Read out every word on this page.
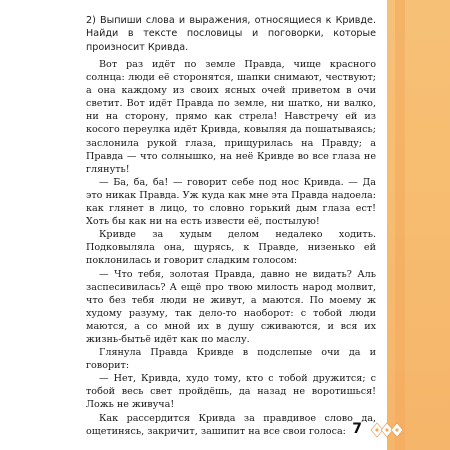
2) Выпиши слова и выражения, относящиеся к Кривде. Найди в тексте пословицы и поговорки, которые произносит Кривда.

Вот раз идёт по земле Правда, чище красного солнца: люди её сторонятся, шапки снимают, чествуют; а она каждому из своих ясных очей приветом в очи светит. Вот идёт Правда по земле, ни шатко, ни валко, ни на сторону, прямо как стрела! Навстречу ей из косого переулка идёт Кривда, ковыляя да пошатываясь; заслонила рукой глаза, прищурилась на Правду; а Правда — что солнышко, на неё Кривде во все глаза не глянуть!

— Ба, ба, ба! — говорит себе под нос Кривда. — Да это никак Правда. Уж куда как мне эта Правда надоела: как глянет в лицо, то словно горький дым глаза ест! Хоть бы как ни на есть извести её, постылую!

Кривде за худым делом недалеко ходить. Подковыляла она, щурясь, к Правде, низенько ей поклонилась и говорит сладким голосом:

— Что тебя, золотая Правда, давно не видать? Аль заспесивилась? А ещё про твою милость народ молвит, что без тебя люди не живут, а маются. По моему ж худому разуму, так дело-то наоборот: с тобой люди маются, а со мной их в душу сживаются, и вся их жизнь-бытьё идёт как по маслу.

Глянула Правда Кривде в подслепые очи да и говорит:

— Нет, Кривда, худо тому, кто с тобой дружится; с тобой весь свет пройдёшь, да назад не воротишься! Ложь не живуча!

Как рассердится Кривда за правдивое слово да, ощетинясь, закричит, зашипит на все свои голоса: 7
